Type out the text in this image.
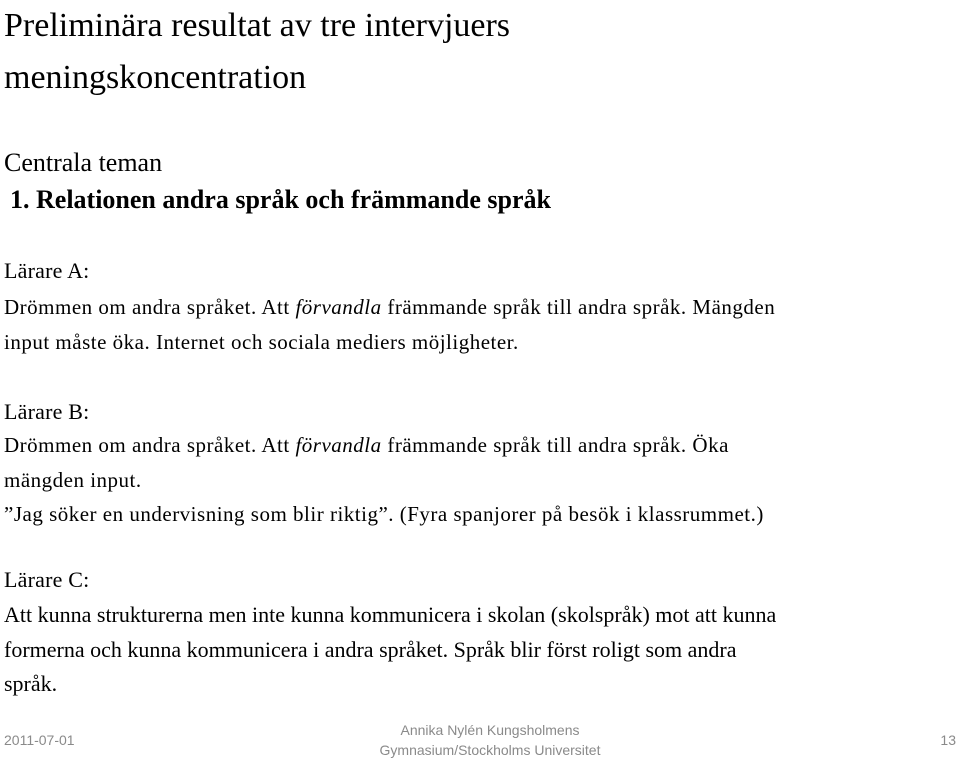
Preliminära resultat av tre intervjuers
meningskoncentration

Centrala teman

1. Relationen andra språk och främmande språk

Lärare A:

Drömmen om andra språket. Att förvandla främmande språk till andra språk. Mängden
input måste öka. Internet och sociala mediers möjligheter.

Lärare B:

Drömmen om andra språket. Att förvandla främmande språk till andra språk. Öka
mängden input.
”Jag söker en undervisning som blir riktig”. (Fyra spanjorer på besök i klassrummet.)

Lärare C:

Att kunna strukturerna men inte kunna kommunicera i skolan (skolspråk) mot att kunna
formerna och kunna kommunicera i andra språket. Språk blir först roligt som andra
språk.
2011-07-01
Annika Nylén Kungsholmens
Gymnasium/Stockholms Universitet
13
